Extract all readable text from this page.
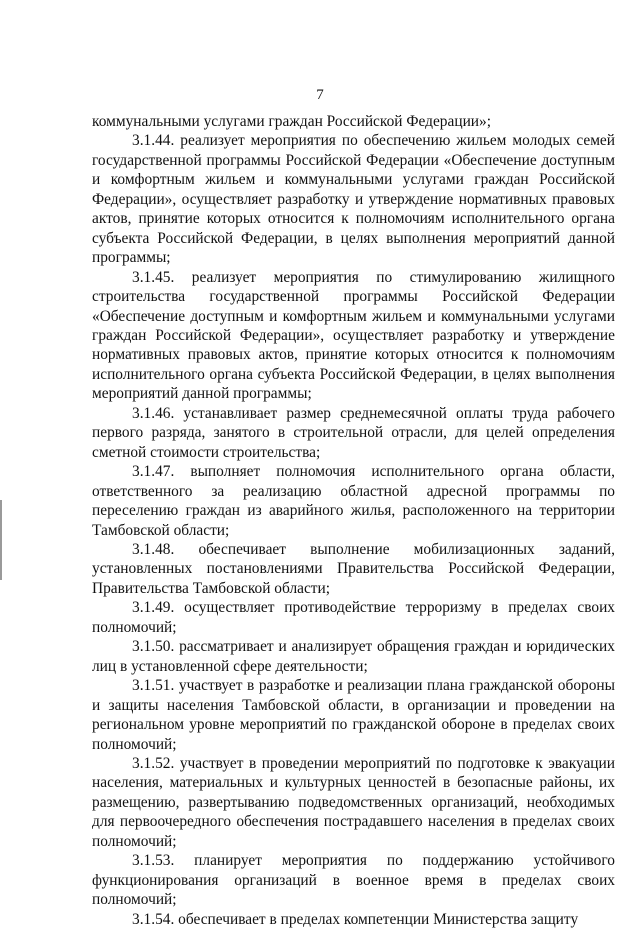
7

коммунальными услугами граждан Российской Федерации»;

3.1.44. реализует мероприятия по обеспечению жильем молодых семей государственной программы Российской Федерации «Обеспечение доступным и комфортным жильем и коммунальными услугами граждан Российской Федерации», осуществляет разработку и утверждение нормативных правовых актов, принятие которых относится к полномочиям исполнительного органа субъекта Российской Федерации, в целях выполнения мероприятий данной программы;

3.1.45. реализует мероприятия по стимулированию жилищного строительства государственной программы Российской Федерации «Обеспечение доступным и комфортным жильем и коммунальными услугами граждан Российской Федерации», осуществляет разработку и утверждение нормативных правовых актов, принятие которых относится к полномочиям исполнительного органа субъекта Российской Федерации, в целях выполнения мероприятий данной программы;

3.1.46. устанавливает размер среднемесячной оплаты труда рабочего первого разряда, занятого в строительной отрасли, для целей определения сметной стоимости строительства;

3.1.47. выполняет полномочия исполнительного органа области, ответственного за реализацию областной адресной программы по переселению граждан из аварийного жилья, расположенного на территории Тамбовской области;

3.1.48. обеспечивает выполнение мобилизационных заданий, установленных постановлениями Правительства Российской Федерации, Правительства Тамбовской области;

3.1.49. осуществляет противодействие терроризму в пределах своих полномочий;

3.1.50. рассматривает и анализирует обращения граждан и юридических лиц в установленной сфере деятельности;

3.1.51. участвует в разработке и реализации плана гражданской обороны и защиты населения Тамбовской области, в организации и проведении на региональном уровне мероприятий по гражданской обороне в пределах своих полномочий;

3.1.52. участвует в проведении мероприятий по подготовке к эвакуации населения, материальных и культурных ценностей в безопасные районы, их размещению, развертыванию подведомственных организаций, необходимых для первоочередного обеспечения пострадавшего населения в пределах своих полномочий;

3.1.53. планирует мероприятия по поддержанию устойчивого функционирования организаций в военное время в пределах своих полномочий;

3.1.54. обеспечивает в пределах компетенции Министерства защиту
